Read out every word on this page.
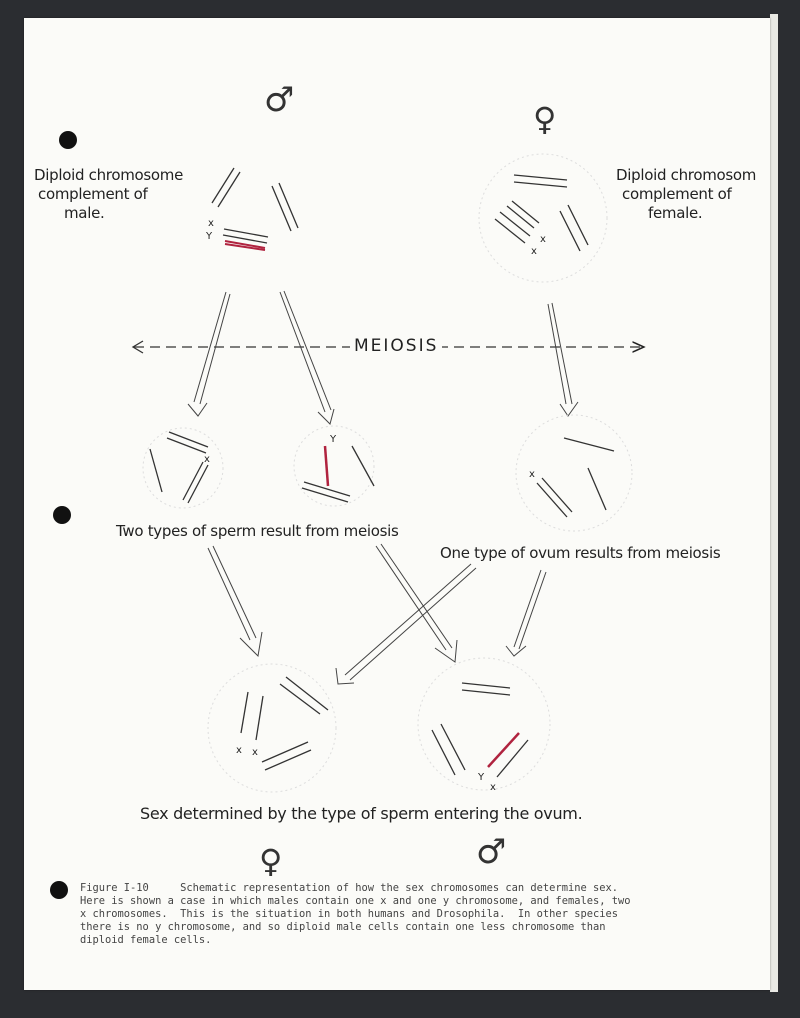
♂	♀
x
Y	x
x
x
Y
x
x x
Y
x
♀	♂
Diploid chromosome
complement of
male.
Diploid chromosom
complement of
female.
MEIOSIS
Two types of sperm result from meiosis
One type of ovum results from meiosis
Sex determined by the type of sperm entering the ovum.
Figure I-10     Schematic representation of how the sex chromosomes can determine sex.
Here is shown a case in which males contain one x and one y chromosome, and females, two
x chromosomes.  This is the situation in both humans and Drosophila.  In other species
there is no y chromosome, and so diploid male cells contain one less chromosome than
diploid female cells.
